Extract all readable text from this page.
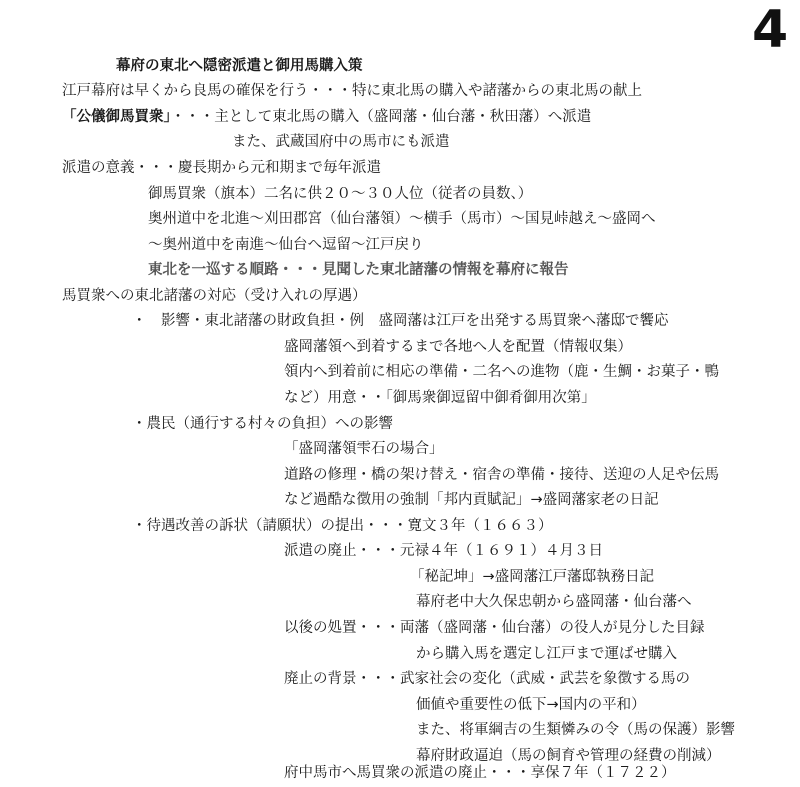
4
幕府の東北へ隠密派遣と御用馬購入策
江戸幕府は早くから良馬の確保を行う・・・特に東北馬の購入や諸藩からの東北馬の献上
「公儀御馬買衆」・・・主として東北馬の購入（盛岡藩・仙台藩・秋田藩）へ派遣
また、武蔵国府中の馬市にも派遣
派遣の意義・・・慶長期から元和期まで毎年派遣
御馬買衆（旗本）二名に供２０～３０人位（従者の員数、）
奥州道中を北進～刈田郡宮（仙台藩領）～横手（馬市）～国見峠越え～盛岡へ
～奥州道中を南進～仙台へ逗留～江戸戻り
東北を一巡する順路・・・見聞した東北諸藩の情報を幕府に報告
馬買衆への東北諸藩の対応（受け入れの厚遇）
・　影響・東北諸藩の財政負担・例　盛岡藩は江戸を出発する馬買衆へ藩邸で饗応
盛岡藩領へ到着するまで各地へ人を配置（情報収集）
領内へ到着前に相応の準備・二名への進物（鹿・生鯛・お菓子・鴨
など）用意・・「御馬衆御逗留中御肴御用次第」
・農民（通行する村々の負担）への影響
「盛岡藩領雫石の場合」
道路の修理・橋の架け替え・宿舎の準備・接待、送迎の人足や伝馬
など過酷な徴用の強制「邦内貢賦記」→盛岡藩家老の日記
・待遇改善の訴状（請願状）の提出・・・寛文３年（１６６３）
派遣の廃止・・・元禄４年（１６９１）４月３日
「秘記坤」→盛岡藩江戸藩邸執務日記
幕府老中大久保忠朝から盛岡藩・仙台藩へ
以後の処置・・・両藩（盛岡藩・仙台藩）の役人が見分した目録
から購入馬を選定し江戸まで運ばせ購入
廃止の背景・・・武家社会の変化（武威・武芸を象徴する馬の
価値や重要性の低下→国内の平和）
また、将軍綱吉の生類憐みの令（馬の保護）影響
幕府財政逼迫（馬の飼育や管理の経費の削減）
府中馬市へ馬買衆の派遣の廃止・・・享保７年（１７２２）
